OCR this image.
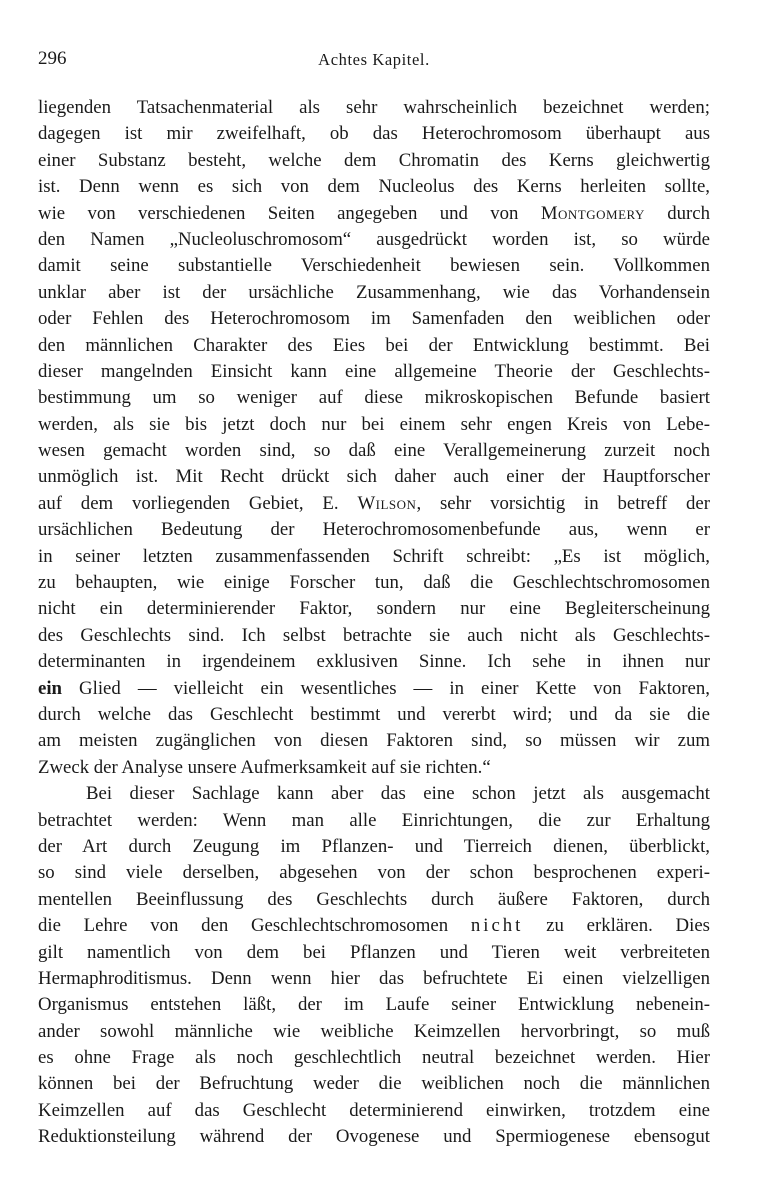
296	Achtes Kapitel.
liegenden Tatsachenmaterial als sehr wahrscheinlich bezeichnet werden;
dagegen ist mir zweifelhaft, ob das Heterochromosom überhaupt aus
einer Substanz besteht, welche dem Chromatin des Kerns gleichwertig
ist. Denn wenn es sich von dem Nucleolus des Kerns herleiten sollte,
wie von verschiedenen Seiten angegeben und von Montgomery durch
den Namen „Nucleoluschromosom“ ausgedrückt worden ist, so würde
damit seine substantielle Verschiedenheit bewiesen sein. Vollkommen
unklar aber ist der ursächliche Zusammenhang, wie das Vorhandensein
oder Fehlen des Heterochromosom im Samenfaden den weiblichen oder
den männlichen Charakter des Eies bei der Entwicklung bestimmt. Bei
dieser mangelnden Einsicht kann eine allgemeine Theorie der Geschlechts-
bestimmung um so weniger auf diese mikroskopischen Befunde basiert
werden, als sie bis jetzt doch nur bei einem sehr engen Kreis von Lebe-
wesen gemacht worden sind, so daß eine Verallgemeinerung zurzeit noch
unmöglich ist. Mit Recht drückt sich daher auch einer der Hauptforscher
auf dem vorliegenden Gebiet, E. Wilson, sehr vorsichtig in betreff der
ursächlichen Bedeutung der Heterochromosomenbefunde aus, wenn er
in seiner letzten zusammenfassenden Schrift schreibt: „Es ist möglich,
zu behaupten, wie einige Forscher tun, daß die Geschlechtschromosomen
nicht ein determinierender Faktor, sondern nur eine Begleiterscheinung
des Geschlechts sind. Ich selbst betrachte sie auch nicht als Geschlechts-
determinanten in irgendeinem exklusiven Sinne. Ich sehe in ihnen nur
ein Glied — vielleicht ein wesentliches — in einer Kette von Faktoren,
durch welche das Geschlecht bestimmt und vererbt wird; und da sie die
am meisten zugänglichen von diesen Faktoren sind, so müssen wir zum
Zweck der Analyse unsere Aufmerksamkeit auf sie richten.“
Bei dieser Sachlage kann aber das eine schon jetzt als ausgemacht
betrachtet werden: Wenn man alle Einrichtungen, die zur Erhaltung
der Art durch Zeugung im Pflanzen- und Tierreich dienen, überblickt,
so sind viele derselben, abgesehen von der schon besprochenen experi-
mentellen Beeinflussung des Geschlechts durch äußere Faktoren, durch
die Lehre von den Geschlechtschromosomen nicht zu erklären. Dies
gilt namentlich von dem bei Pflanzen und Tieren weit verbreiteten
Hermaphroditismus. Denn wenn hier das befruchtete Ei einen vielzelligen
Organismus entstehen läßt, der im Laufe seiner Entwicklung nebenein-
ander sowohl männliche wie weibliche Keimzellen hervorbringt, so muß
es ohne Frage als noch geschlechtlich neutral bezeichnet werden. Hier
können bei der Befruchtung weder die weiblichen noch die männlichen
Keimzellen auf das Geschlecht determinierend einwirken, trotzdem eine
Reduktionsteilung während der Ovogenese und Spermiogenese ebensogut
